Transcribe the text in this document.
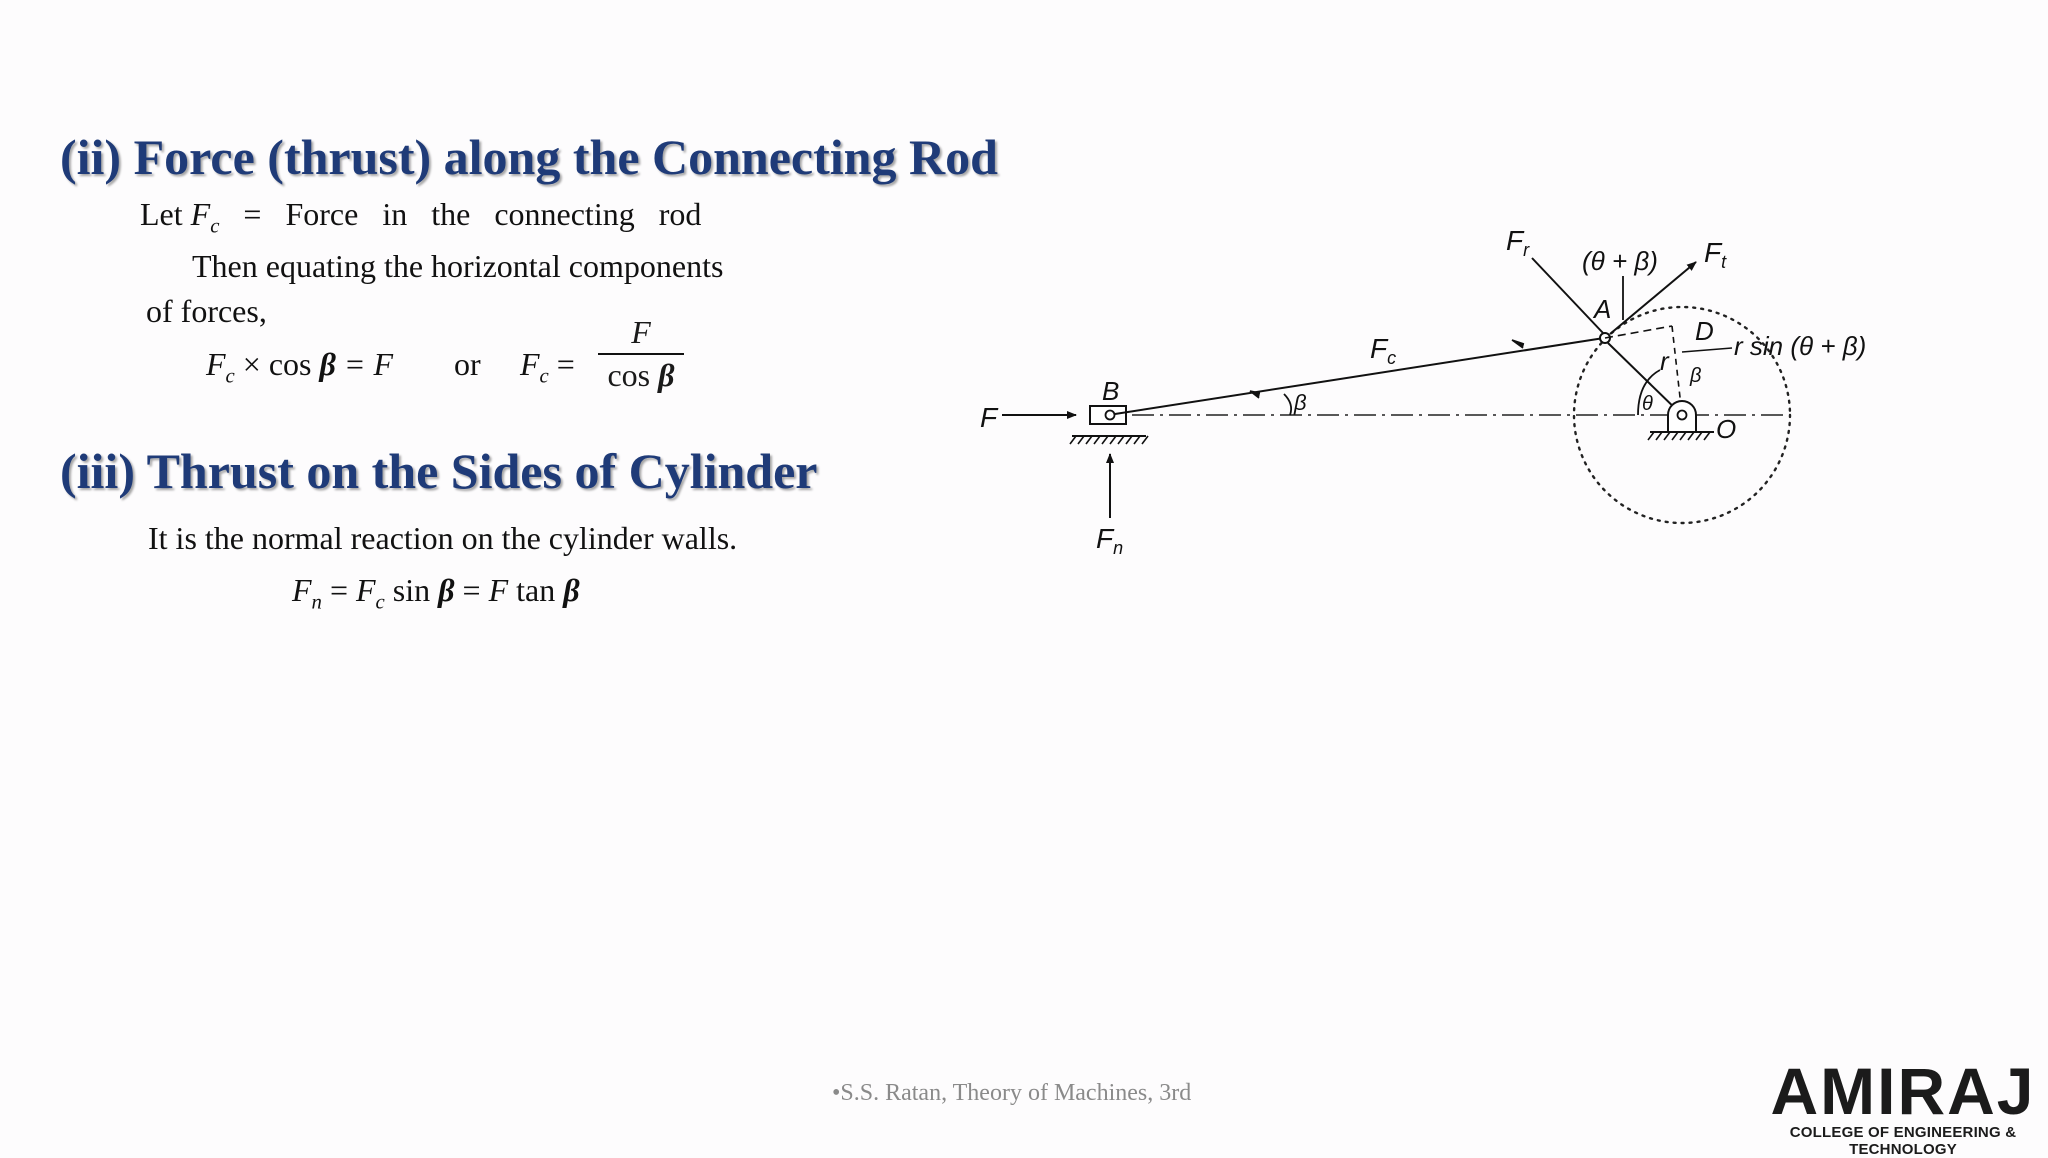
(ii) Force (thrust) along the Connecting Rod
Let $F_c$ = Force   in   the   connecting   rod
Then equating the horizontal components
of forces,
$F_c \times \cos \beta = F$ or $F_c$ =
F
cos β
(iii) Thrust on the Sides of Cylinder
It is the normal reaction on the cylinder walls.
$F_n = F_c$ sin β = F tan β
F
B
$F_n$
$F_c$
β
A
$F_t$
$F_r$ (θ + β)
D r sin (θ + β)
r β
θ
O
•S.S. Ratan, Theory of Machines, 3rd	AMIRAJ
COLLEGE OF ENGINEERING & TECHNOLOGY
